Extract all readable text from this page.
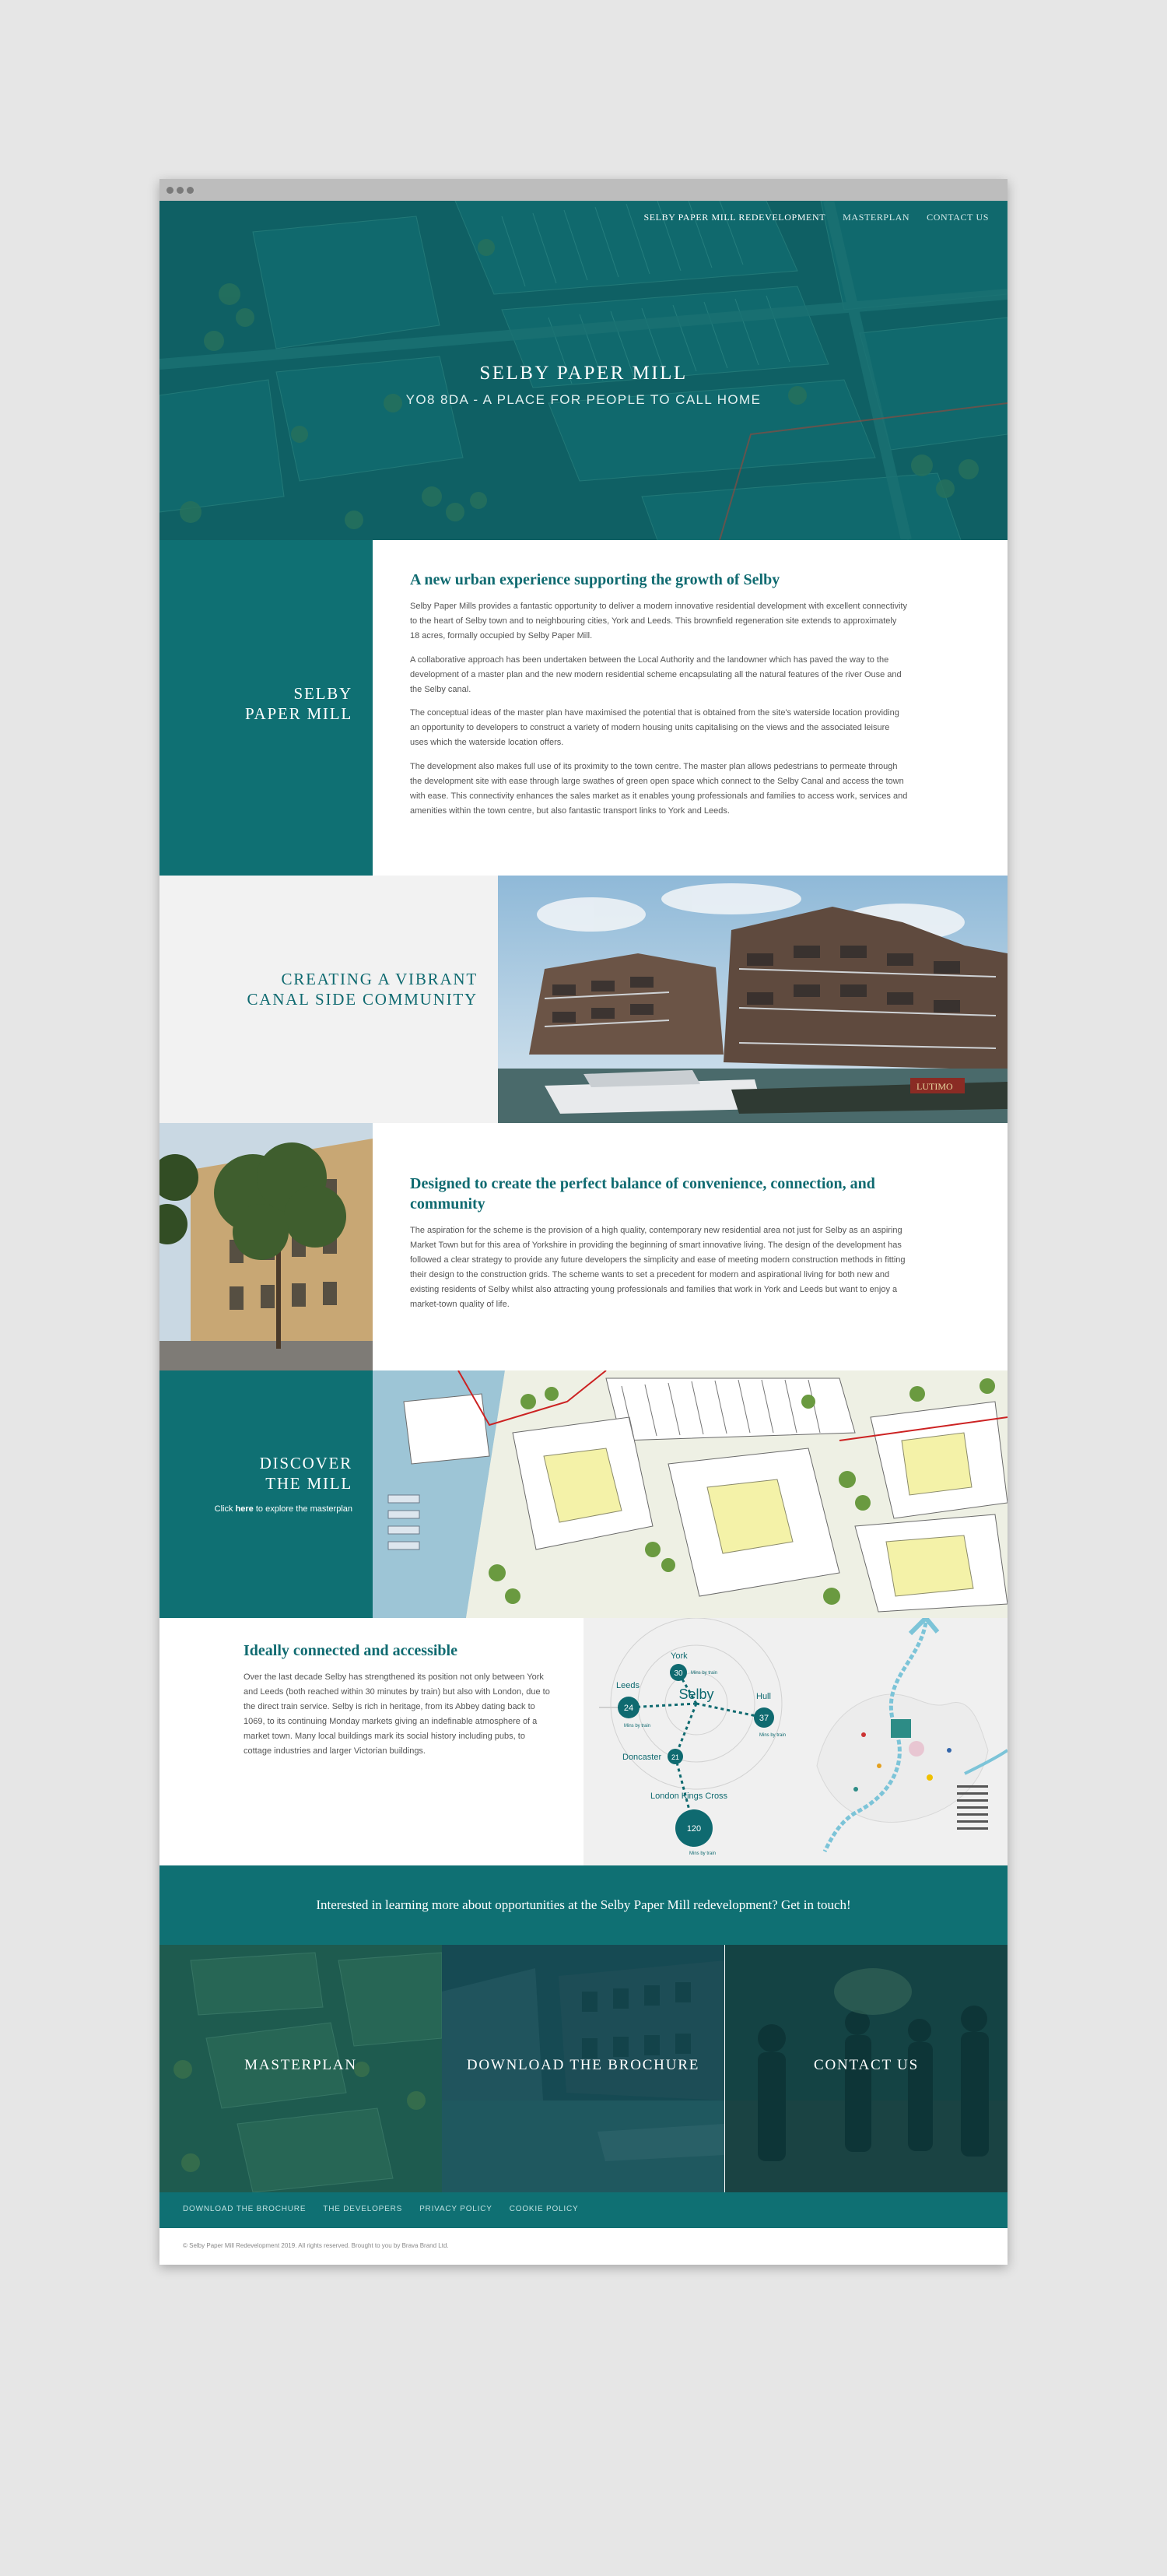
SELBY PAPER MILL REDEVELOPMENT MASTERPLAN CONTACT US
SELBY PAPER MILL
YO8 8DA - A PLACE FOR PEOPLE TO CALL HOME
SELBY
PAPER MILL
A new urban experience supporting the growth of Selby

Selby Paper Mills provides a fantastic opportunity to deliver a modern innovative residential development with excellent connectivity to the heart of Selby town and to neighbouring cities, York and Leeds. This brownfield regeneration site extends to approximately 18 acres, formally occupied by Selby Paper Mill.

A collaborative approach has been undertaken between the Local Authority and the landowner which has paved the way to the development of a master plan and the new modern residential scheme encapsulating all the natural features of the river Ouse and the Selby canal.

The conceptual ideas of the master plan have maximised the potential that is obtained from the site's waterside location providing an opportunity to developers to construct a variety of modern housing units capitalising on the views and the associated leisure uses which the waterside location offers.

The development also makes full use of its proximity to the town centre. The master plan allows pedestrians to permeate through the development site with ease through large swathes of green open space which connect to the Selby Canal and access the town with ease. This connectivity enhances the sales market as it enables young professionals and families to access work, services and amenities within the town centre, but also fantastic transport links to York and Leeds.

CREATING A VIBRANT
CANAL SIDE COMMUNITY
LUTIMO
Designed to create the perfect balance of convenience, connection, and community

The aspiration for the scheme is the provision of a high quality, contemporary new residential area not just for Selby as an aspiring Market Town but for this area of Yorkshire in providing the beginning of smart innovative living. The design of the development has followed a clear strategy to provide any future developers the simplicity and ease of meeting modern construction methods in fitting their design to the construction grids. The scheme wants to set a precedent for modern and aspirational living for both new and existing residents of Selby whilst also attracting young professionals and families that work in York and Leeds but want to enjoy a market-town quality of life.

DISCOVER
THE MILL
Click here to explore the masterplan
Ideally connected and accessible

Over the last decade Selby has strengthened its position not only between York and Leeds (both reached within 30 minutes by train) but also with London, due to the direct train service. Selby is rich in heritage, from its Abbey dating back to 1069, to its continuing Monday markets giving an indefinable atmosphere of a market town. Many local buildings mark its social history including pubs, to cottage industries and larger Victorian buildings.

Selby
30
York
Mins by train
24
Leeds
Mins by train
37
Hull
Mins by train
21
Doncaster
120
London Kings Cross
Mins by train
Interested in learning more about opportunities at the Selby Paper Mill redevelopment? Get in touch!
MASTERPLAN	DOWNLOAD THE BROCHURE	CONTACT US
DOWNLOAD THE BROCHURE THE DEVELOPERS PRIVACY POLICY COOKIE POLICY
© Selby Paper Mill Redevelopment 2019. All rights reserved. Brought to you by Brava Brand Ltd.
